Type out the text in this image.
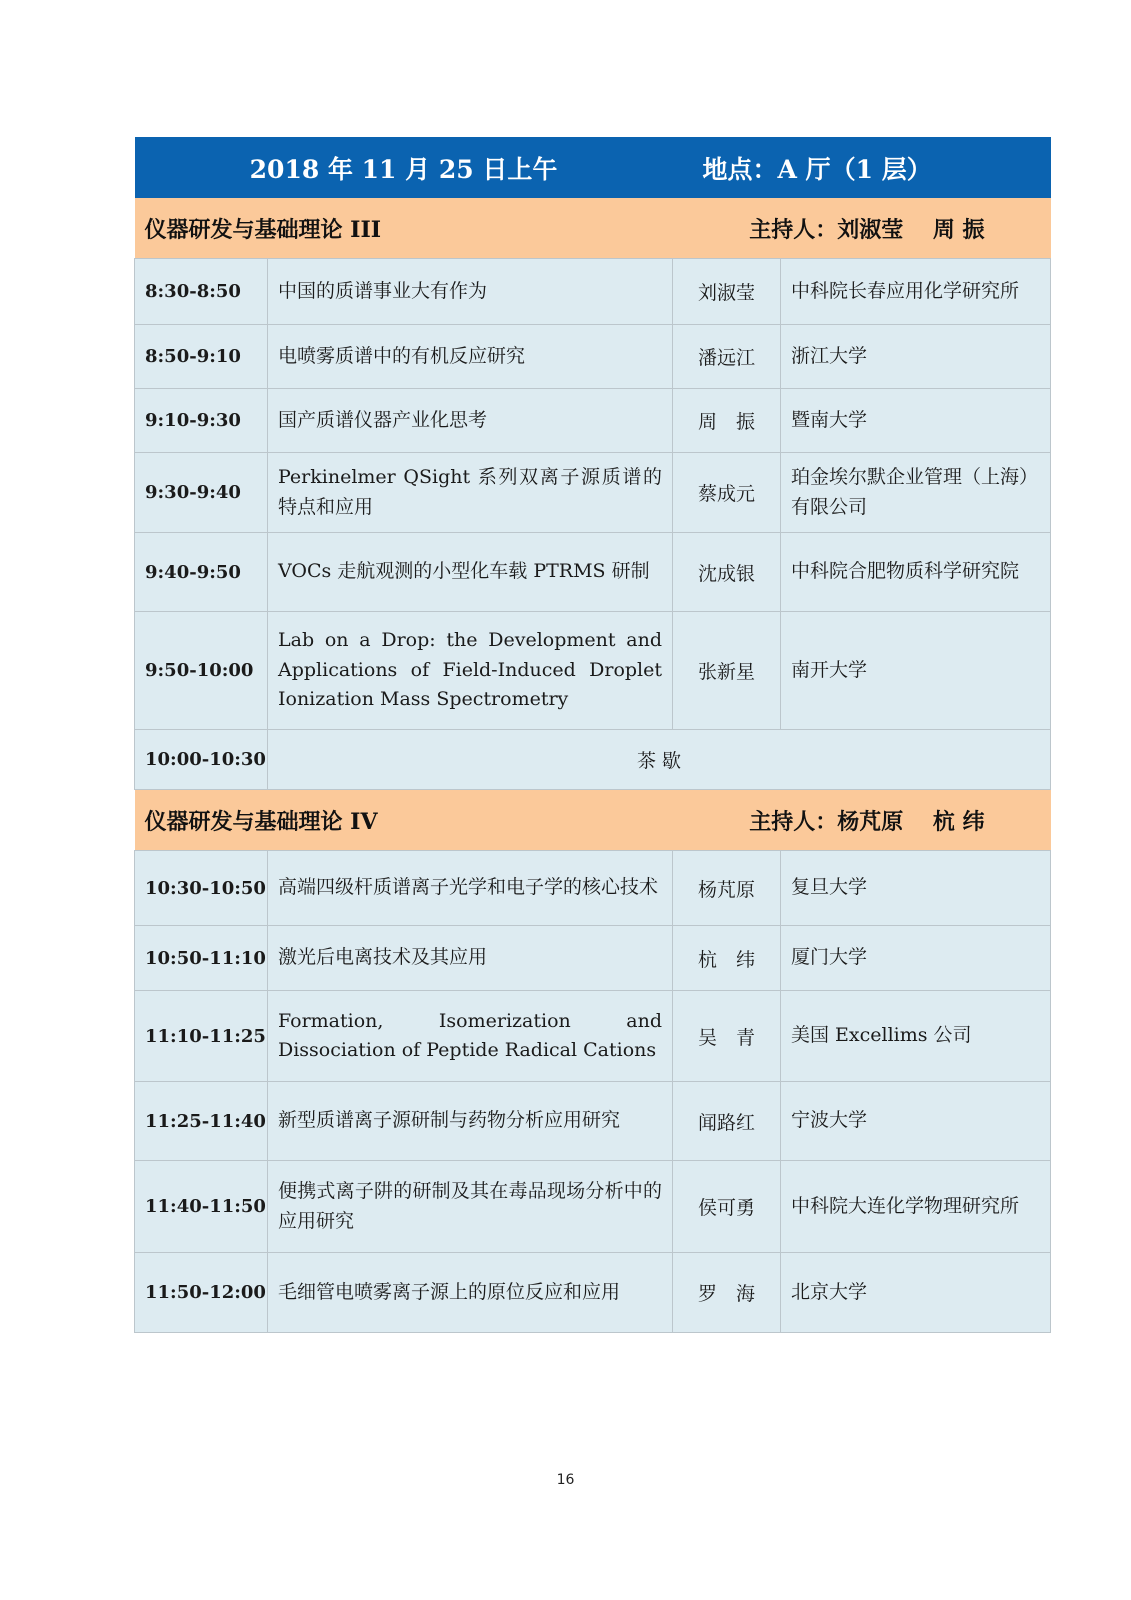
2018 年 11 月 25 日上午		地点：A 厅（1 层）	
仪器研发与基础理论 III		主持人：刘淑莹　 周 振	
8:30-8:50	中国的质谱事业大有作为	刘淑莹	中科院长春应用化学研究所
8:50-9:10	电喷雾质谱中的有机反应研究	潘远江	浙江大学
9:10-9:30	国产质谱仪器产业化思考	周　振	暨南大学
9:30-9:40	Perkinelmer QSight 系列双离子源质谱的特点和应用	蔡成元	珀金埃尔默企业管理（上海）有限公司
9:40-9:50	VOCs 走航观测的小型化车载 PTRMS 研制	沈成银	中科院合肥物质科学研究院
9:50-10:00	Lab on a Drop: the Development and Applications of Field-Induced Droplet Ionization Mass Spectrometry	张新星	南开大学
10:00-10:30	茶 歇		
仪器研发与基础理论 IV		主持人：杨芃原　 杭 纬	
10:30-10:50	高端四级杆质谱离子光学和电子学的核心技术	杨芃原	复旦大学
10:50-11:10	激光后电离技术及其应用	杭　纬	厦门大学
11:10-11:25	Formation, Isomerization and Dissociation of Peptide Radical Cations	吴　青	美国 Excellims 公司
11:25-11:40	新型质谱离子源研制与药物分析应用研究	闻路红	宁波大学
11:40-11:50	便携式离子阱的研制及其在毒品现场分析中的应用研究	侯可勇	中科院大连化学物理研究所
11:50-12:00	毛细管电喷雾离子源上的原位反应和应用	罗　海	北京大学
16
